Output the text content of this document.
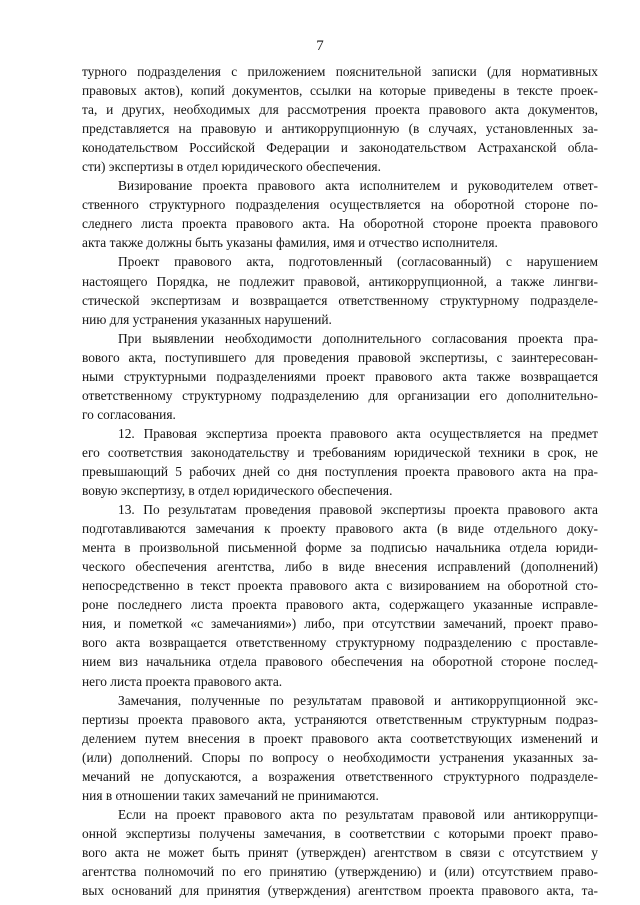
7
турного подразделения с приложением пояснительной записки (для нормативных
правовых актов), копий документов, ссылки на которые приведены в тексте проек-
та, и других, необходимых для рассмотрения проекта правового акта документов,
представляется на правовую и антикоррупционную (в случаях, установленных за-
конодательством Российской Федерации и законодательством Астраханской обла-
сти) экспертизы в отдел юридического обеспечения.
Визирование проекта правового акта исполнителем и руководителем ответ-
ственного структурного подразделения осуществляется на оборотной стороне по-
следнего листа проекта правового акта. На оборотной стороне проекта правового
акта также должны быть указаны фамилия, имя и отчество исполнителя.
Проект правового акта, подготовленный (согласованный) с нарушением
настоящего Порядка, не подлежит правовой, антикоррупционной, а также лингви-
стической экспертизам и возвращается ответственному структурному подразделе-
нию для устранения указанных нарушений.
При выявлении необходимости дополнительного согласования проекта пра-
вового акта, поступившего для проведения правовой экспертизы, с заинтересован-
ными структурными подразделениями проект правового акта также возвращается
ответственному структурному подразделению для организации его дополнительно-
го согласования.
12. Правовая экспертиза проекта правового акта осуществляется на предмет
его соответствия законодательству и требованиям юридической техники в срок, не
превышающий 5 рабочих дней со дня поступления проекта правового акта на пра-
вовую экспертизу, в отдел юридического обеспечения.
13. По результатам проведения правовой экспертизы проекта правового акта
подготавливаются замечания к проекту правового акта (в виде отдельного доку-
мента в произвольной письменной форме за подписью начальника отдела юриди-
ческого обеспечения агентства, либо в виде внесения исправлений (дополнений)
непосредственно в текст проекта правового акта с визированием на оборотной сто-
роне последнего листа проекта правового акта, содержащего указанные исправле-
ния, и пометкой «с замечаниями») либо, при отсутствии замечаний, проект право-
вого акта возвращается ответственному структурному подразделению с проставле-
нием виз начальника отдела правового обеспечения на оборотной стороне послед-
него листа проекта правового акта.
Замечания, полученные по результатам правовой и антикоррупционной экс-
пертизы проекта правового акта, устраняются ответственным структурным подраз-
делением путем внесения в проект правового акта соответствующих изменений и
(или) дополнений. Споры по вопросу о необходимости устранения указанных за-
мечаний не допускаются, а возражения ответственного структурного подразделе-
ния в отношении таких замечаний не принимаются.
Если на проект правового акта по результатам правовой или антикоррупци-
онной экспертизы получены замечания, в соответствии с которыми проект право-
вого акта не может быть принят (утвержден) агентством в связи с отсутствием у
агентства полномочий по его принятию (утверждению) и (или) отсутствием право-
вых оснований для принятия (утверждения) агентством проекта правового акта, та-
